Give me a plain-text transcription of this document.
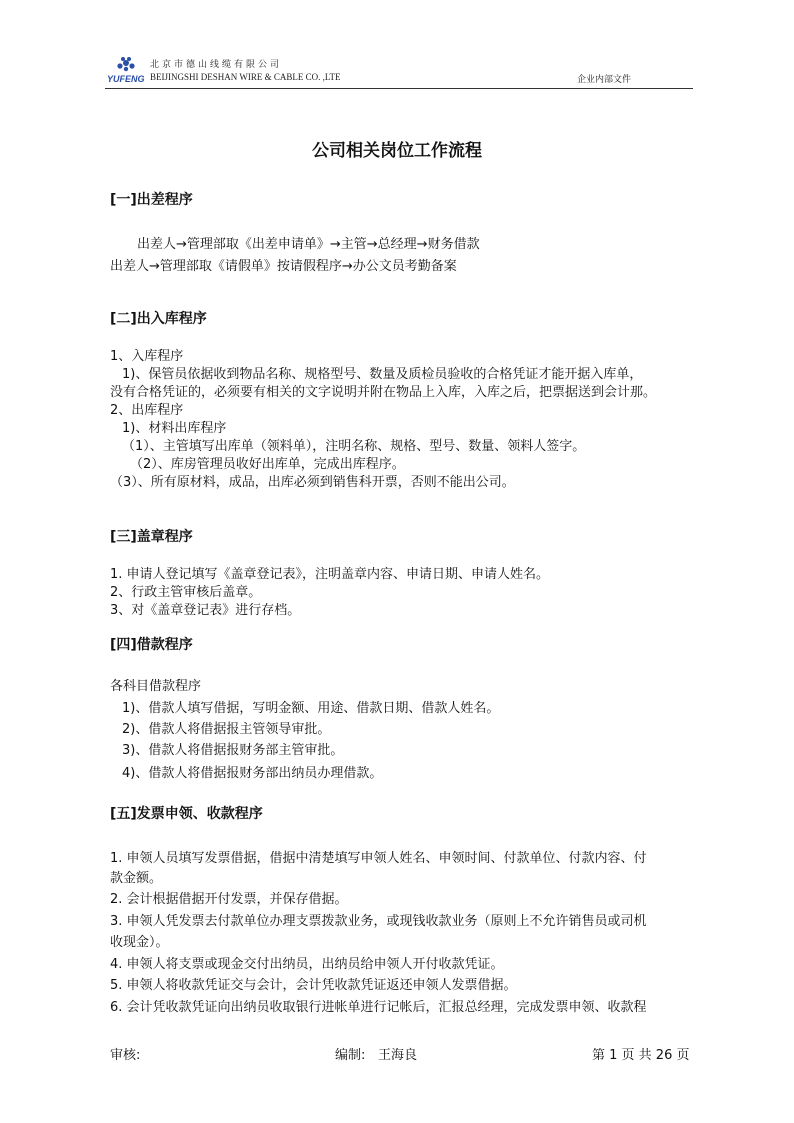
YUFENG
北京市德山线缆有限公司
BEIJINGSHI DESHAN WIRE & CABLE CO. ,LTE	企业内部文件
公司相关岗位工作流程
[一]出差程序
出差人→管理部取《出差申请单》→主管→总经理→财务借款
出差人→管理部取《请假单》按请假程序→办公文员考勤备案
[二]出入库程序
1、入库程序
1)、保管员依据收到物品名称、规格型号、数量及质检员验收的合格凭证才能开据入库单，
没有合格凭证的，必须要有相关的文字说明并附在物品上入库，入库之后，把票据送到会计那。
2、出库程序
1)、材料出库程序
（1）、主管填写出库单（领料单），注明名称、规格、型号、数量、领料人签字。
（2）、库房管理员收好出库单，完成出库程序。
（3）、所有原材料，成品，出库必须到销售科开票，否则不能出公司。
[三]盖章程序
1. 申请人登记填写《盖章登记表》，注明盖章内容、申请日期、申请人姓名。
2、行政主管审核后盖章。
3、对《盖章登记表》进行存档。
[四]借款程序
各科目借款程序
1)、借款人填写借据，写明金额、用途、借款日期、借款人姓名。
2)、借款人将借据报主管领导审批。
3)、借款人将借据报财务部主管审批。
4)、借款人将借据报财务部出纳员办理借款。
[五]发票申领、收款程序
1. 申领人员填写发票借据，借据中清楚填写申领人姓名、申领时间、付款单位、付款内容、付
款金额。
2. 会计根据借据开付发票，并保存借据。
3. 申领人凭发票去付款单位办理支票拨款业务，或现钱收款业务（原则上不允许销售员或司机
收现金）。
4. 申领人将支票或现金交付出纳员，出纳员给申领人开付收款凭证。
5. 申领人将收款凭证交与会计，会计凭收款凭证返还申领人发票借据。
6. 会计凭收款凭证向出纳员收取银行进帐单进行记帐后，汇报总经理，完成发票申领、收款程
审核:	编制: 王海良	第 1 页 共 26 页
